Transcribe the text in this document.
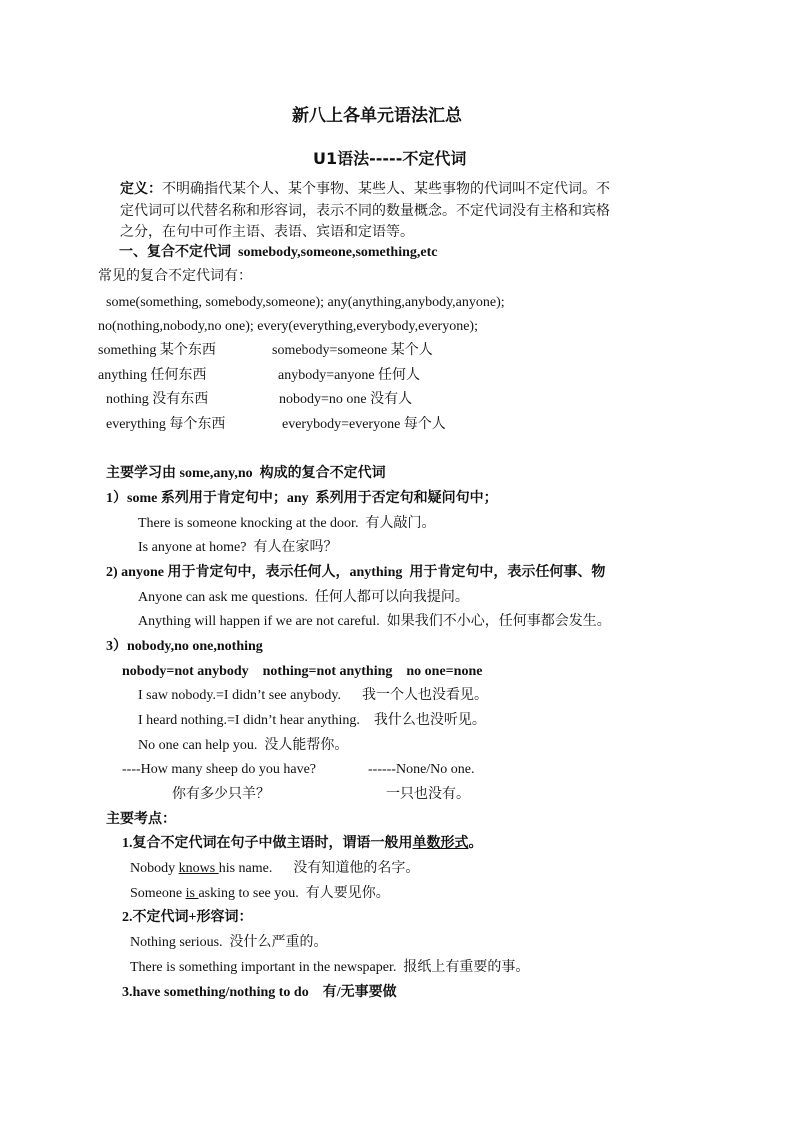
新八上各单元语法汇总
U1语法-----不定代词
定义：不明确指代某个人、某个事物、某些人、某些事物的代词叫不定代词。不
定代词可以代替名称和形容词，表示不同的数量概念。不定代词没有主格和宾格
之分，在句中可作主语、表语、宾语和定语等。
一、复合不定代词  somebody,someone,something,etc
常见的复合不定代词有：
some(something, somebody,someone); any(anything,anybody,anyone);
no(nothing,nobody,no one); every(everything,everybody,everyone);
something 某个东西	somebody=someone 某个人
anything 任何东西	anybody=anyone 任何人
nothing 没有东西	nobody=no one 没有人
everything 每个东西	everybody=everyone 每个人
主要学习由 some,any,no  构成的复合不定代词
1）some 系列用于肯定句中；any  系列用于否定句和疑问句中；
There is someone knocking at the door.  有人敲门。
Is anyone at home?  有人在家吗？
2) anyone 用于肯定句中，表示任何人，anything  用于肯定句中，表示任何事、物
Anyone can ask me questions.  任何人都可以向我提问。
Anything will happen if we are not careful.  如果我们不小心，任何事都会发生。
3）nobody,no one,nothing
nobody=not anybody    nothing=not anything    no one=none
I saw nobody.=I didn’t see anybody.      我一个人也没看见。
I heard nothing.=I didn’t hear anything.    我什么也没听见。
No one can help you.  没人能帮你。
----How many sheep do you have?	------None/No one.
你有多少只羊？	一只也没有。
主要考点：
1.复合不定代词在句子中做主语时，谓语一般用单数形式。
Nobody knows his name.      没有知道他的名字。
Someone is asking to see you.  有人要见你。
2.不定代词+形容词：
Nothing serious.  没什么严重的。
There is something important in the newspaper.  报纸上有重要的事。
3.have something/nothing to do    有/无事要做
